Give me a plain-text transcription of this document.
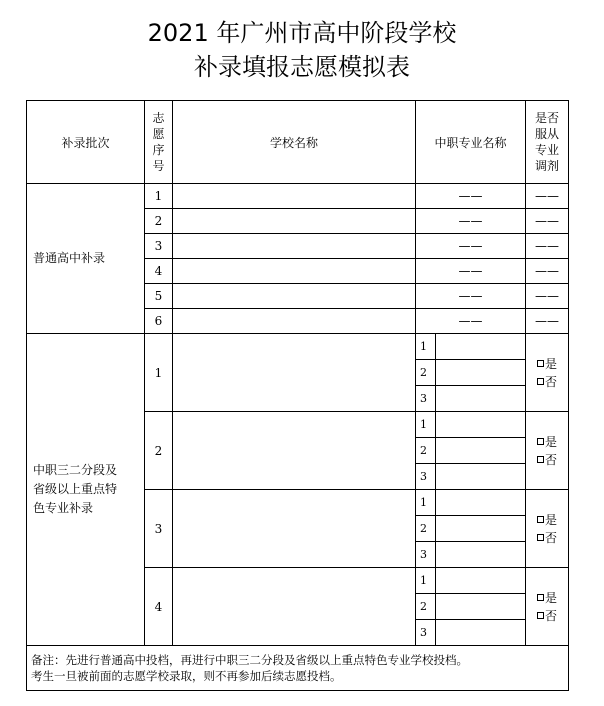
2021 年广州市高中阶段学校
补录填报志愿模拟表
补录批次	志
愿
序
号	学校名称	中职专业名称		是否
服从
专业
调剂
普通高中补录	1		——		——
	2		——		——
	3		——		——
	4		——		——
	5		——		——
	6		——		——
中职三二分段及
省级以上重点特
色专业补录	1		1		是
否
			2		
			3		
	2		1		是
否
			2		
			3		
	3		1		是
否
			2		
			3		
	4		1		是
否
			2		
			3		
备注：先进行普通高中投档，再进行中职三二分段及省级以上重点特色专业学校投档。
考生一旦被前面的志愿学校录取，则不再参加后续志愿投档。					
